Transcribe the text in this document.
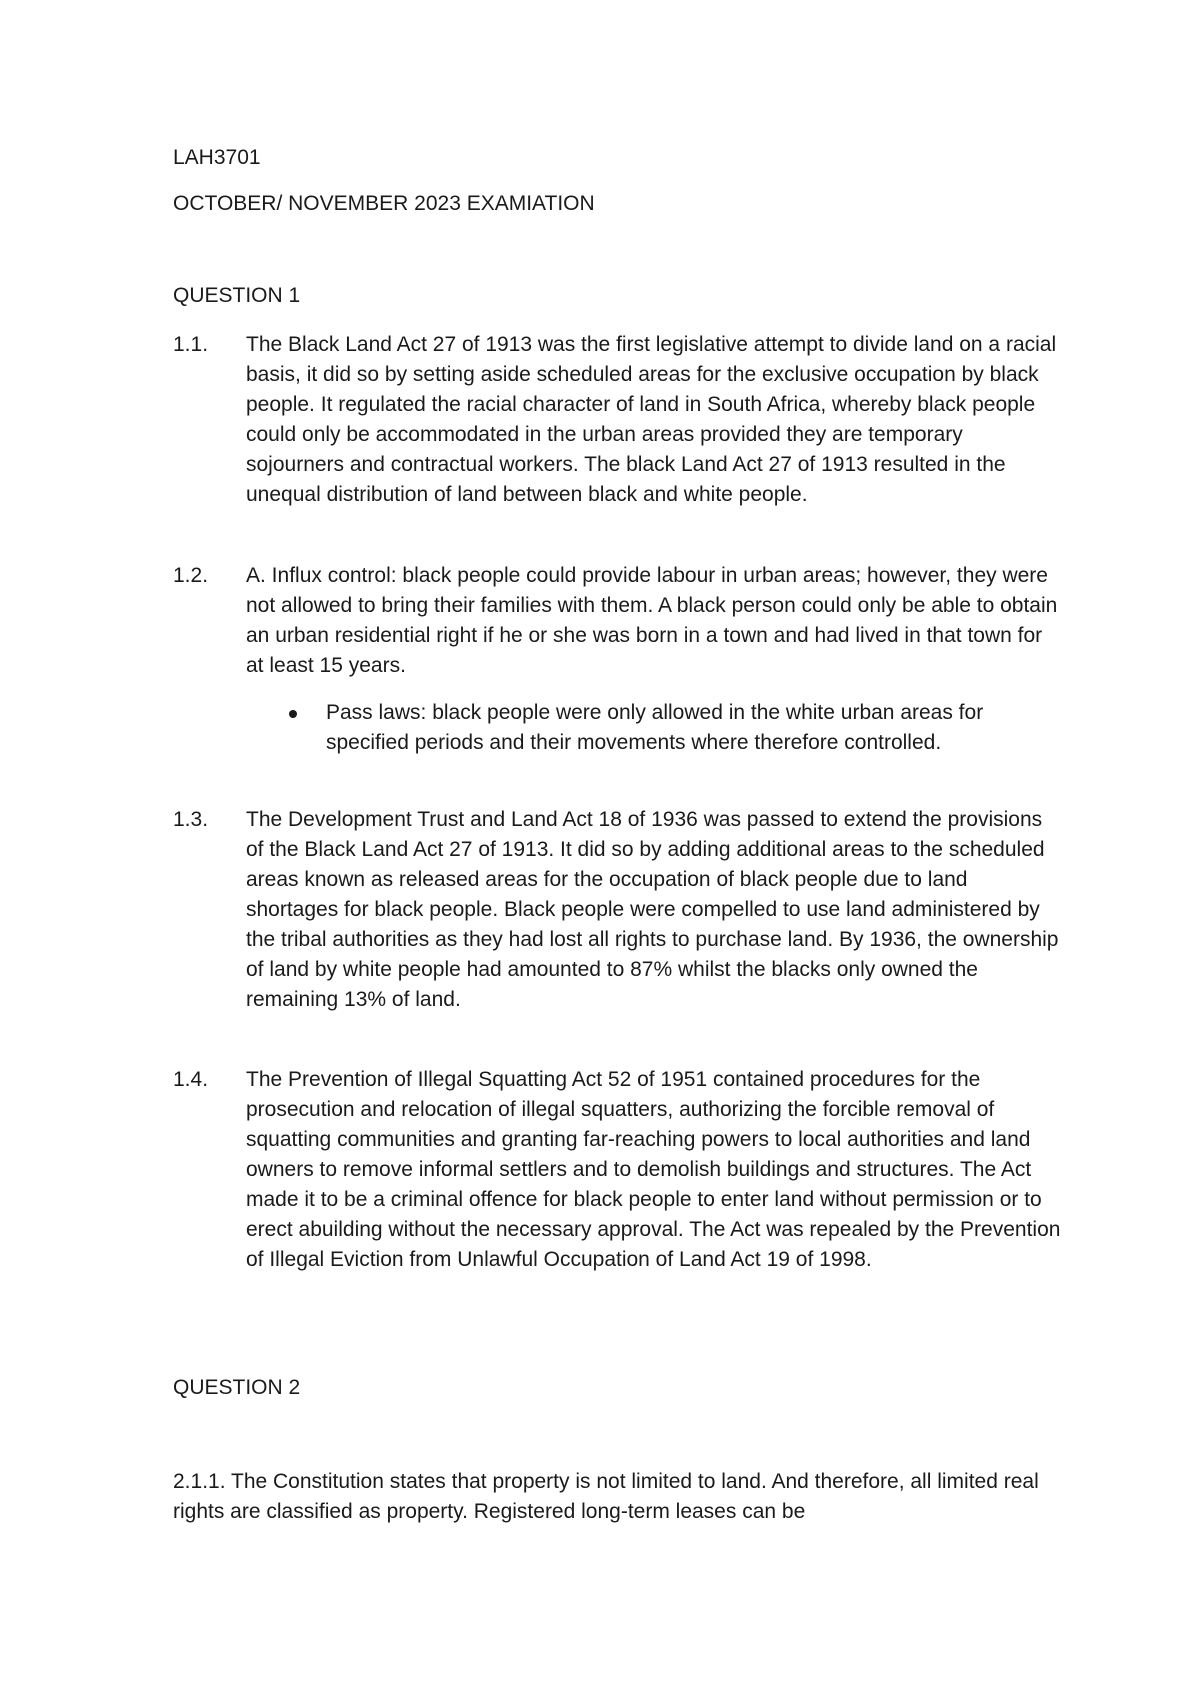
LAH3701
OCTOBER/ NOVEMBER 2023 EXAMIATION
QUESTION 1
1.1. The Black Land Act 27 of 1913 was the first legislative attempt to divide land on a racial basis, it did so by setting aside scheduled areas for the exclusive occupation by black people. It regulated the racial character of land in South Africa, whereby black people could only be accommodated in the urban areas provided they are temporary sojourners and contractual workers. The black Land Act 27 of 1913 resulted in the unequal distribution of land between black and white people.
1.2. A. Influx control: black people could provide labour in urban areas; however, they were not allowed to bring their families with them. A black person could only be able to obtain an urban residential right if he or she was born in a town and had lived in that town for at least 15 years.
Pass laws: black people were only allowed in the white urban areas for specified periods and their movements where therefore controlled.
1.3. The Development Trust and Land Act 18 of 1936 was passed to extend the provisions of the Black Land Act 27 of 1913. It did so by adding additional areas to the scheduled areas known as released areas for the occupation of black people due to land shortages for black people. Black people were compelled to use land administered by the tribal authorities as they had lost all rights to purchase land. By 1936, the ownership of land by white people had amounted to 87% whilst the blacks only owned the remaining 13% of land.
1.4. The Prevention of Illegal Squatting Act 52 of 1951 contained procedures for the prosecution and relocation of illegal squatters, authorizing the forcible removal of squatting communities and granting far-reaching powers to local authorities and land owners to remove informal settlers and to demolish buildings and structures. The Act made it to be a criminal offence for black people to enter land without permission or to erect abuilding without the necessary approval. The Act was repealed by the Prevention of Illegal Eviction from Unlawful Occupation of Land Act 19 of 1998.
QUESTION 2
2.1.1. The Constitution states that property is not limited to land. And therefore, all limited real rights are classified as property. Registered long-term leases can be
